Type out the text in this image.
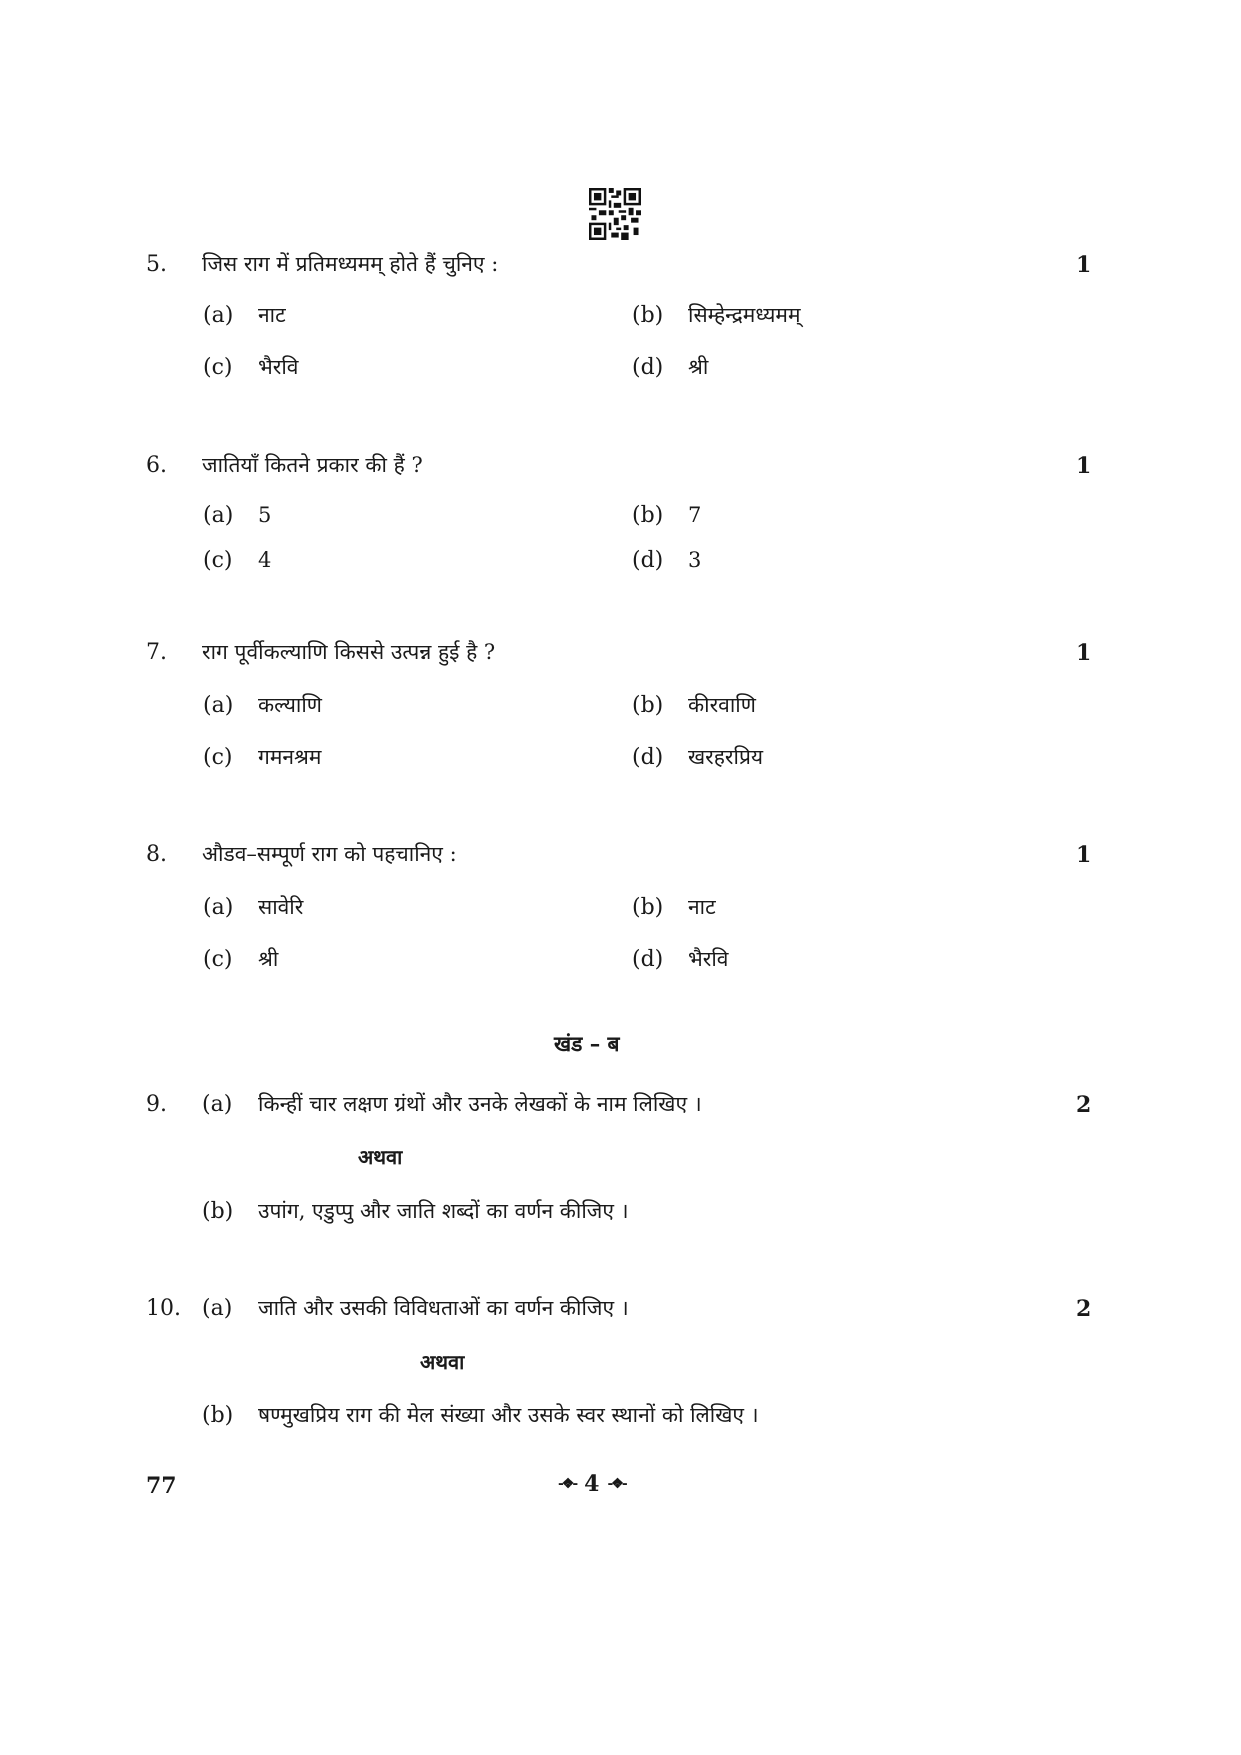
5. जिस राग में प्रतिमध्यमम् होते हैं चुनिए :	1
(a) नाट	(b) सिम्हेन्द्रमध्यमम्
(c) भैरवि	(d) श्री
6. जातियाँ कितने प्रकार की हैं ?	1
(a) 5	(b) 7
(c) 4	(d) 3
7. राग पूर्वीकल्याणि किससे उत्पन्न हुई है ?	1
(a) कल्याणि	(b) कीरवाणि
(c) गमनश्रम	(d) खरहरप्रिय
8. औडव–सम्पूर्ण राग को पहचानिए :	1
(a) सावेरि	(b) नाट
(c) श्री	(d) भैरवि
खंड – ब
9. (a) किन्हीं चार लक्षण ग्रंथों और उनके लेखकों के नाम लिखिए ।	2
अथवा
(b) उपांग, एडुप्पु और जाति शब्दों का वर्णन कीजिए ।
10. (a) जाति और उसकी विविधताओं का वर्णन कीजिए ।	2
अथवा
(b) षण्मुखप्रिय राग की मेल संख्या और उसके स्वर स्थानों को लिखिए ।
77	-❖- 4 -❖-
